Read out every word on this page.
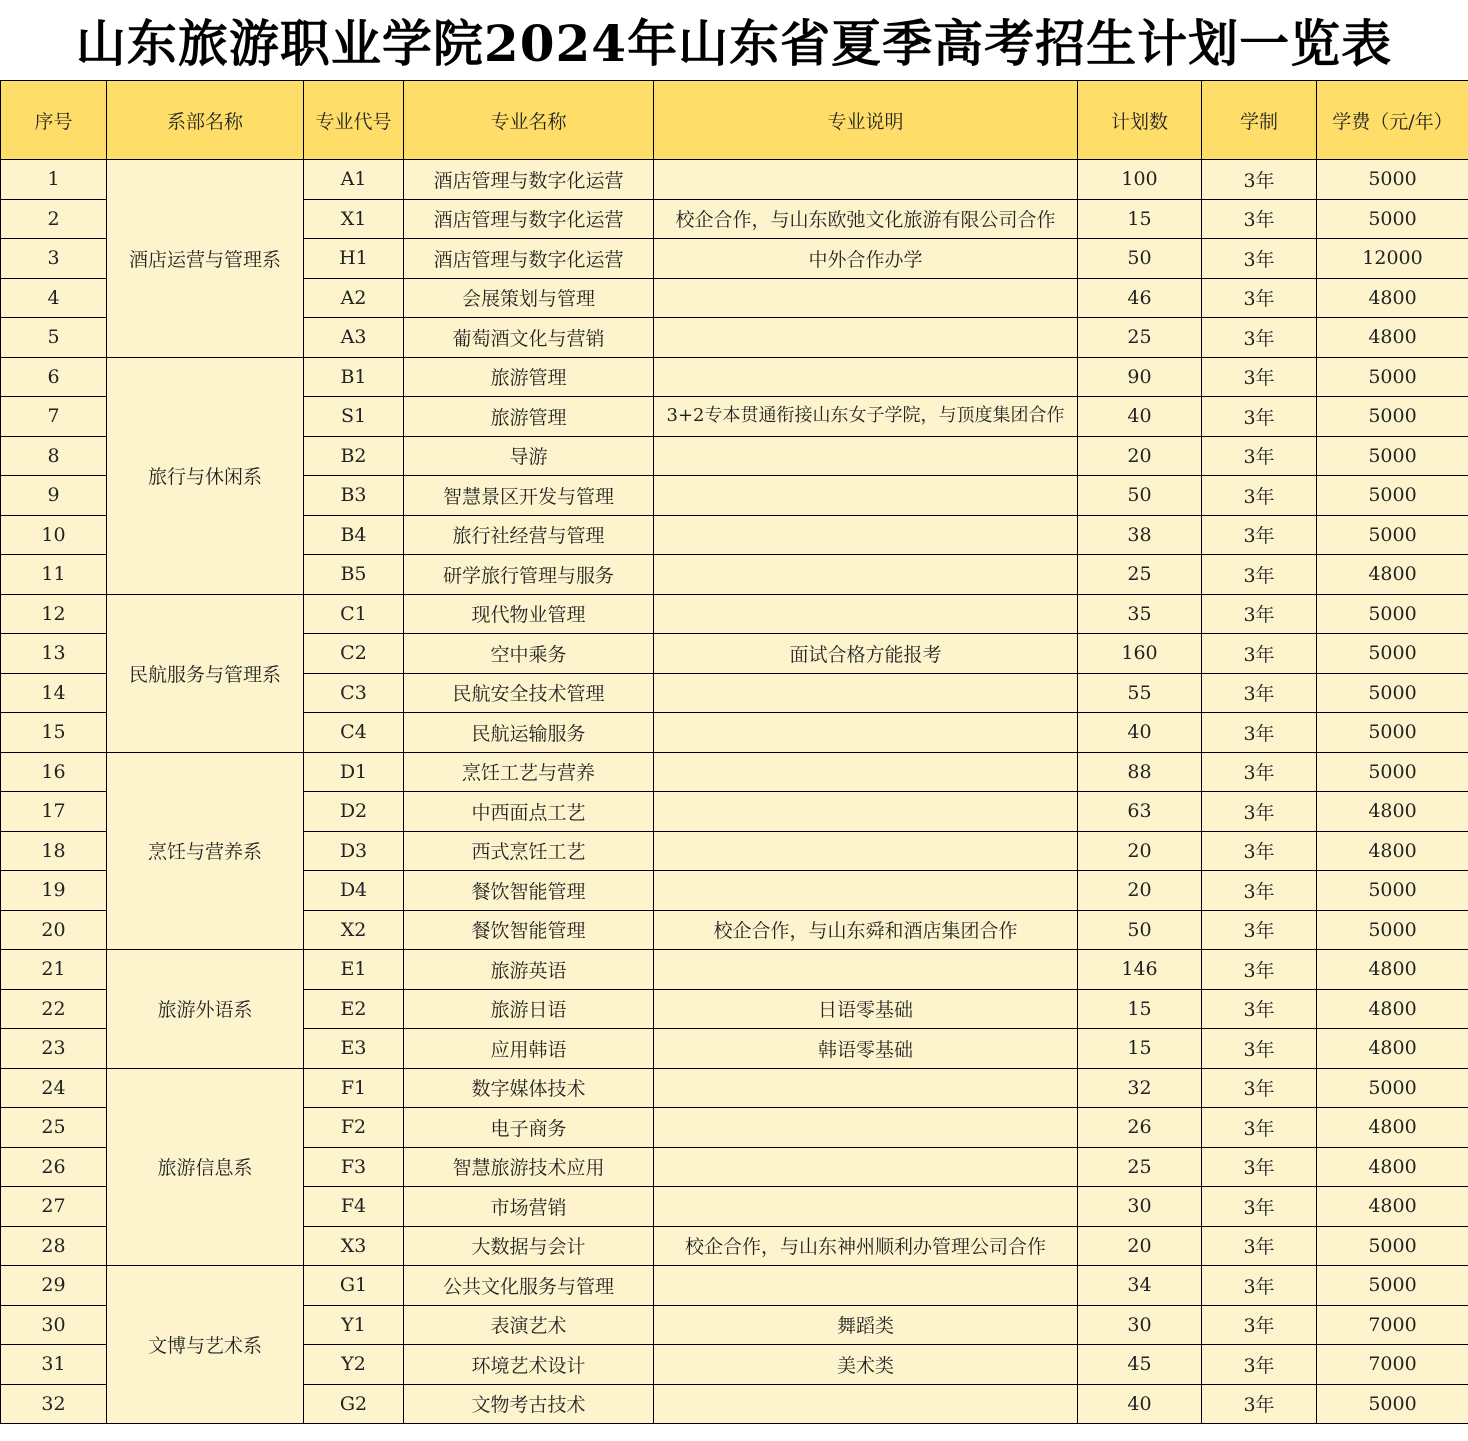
山东旅游职业学院2024年山东省夏季高考招生计划一览表
序号	系部名称	专业代号	专业名称	专业说明	计划数	学制	学费（元/年）
1	酒店运营与管理系	A1	酒店管理与数字化运营		100	3年	5000
2		X1	酒店管理与数字化运营	校企合作，与山东欧弛文化旅游有限公司合作	15	3年	5000
3		H1	酒店管理与数字化运营	中外合作办学	50	3年	12000
4		A2	会展策划与管理		46	3年	4800
5		A3	葡萄酒文化与营销		25	3年	4800
6	旅行与休闲系	B1	旅游管理		90	3年	5000
7		S1	旅游管理	3+2专本贯通衔接山东女子学院，与顶度集团合作	40	3年	5000
8		B2	导游		20	3年	5000
9		B3	智慧景区开发与管理		50	3年	5000
10		B4	旅行社经营与管理		38	3年	5000
11		B5	研学旅行管理与服务		25	3年	4800
12	民航服务与管理系	C1	现代物业管理		35	3年	5000
13		C2	空中乘务	面试合格方能报考	160	3年	5000
14		C3	民航安全技术管理		55	3年	5000
15		C4	民航运输服务		40	3年	5000
16	烹饪与营养系	D1	烹饪工艺与营养		88	3年	5000
17		D2	中西面点工艺		63	3年	4800
18		D3	西式烹饪工艺		20	3年	4800
19		D4	餐饮智能管理		20	3年	5000
20		X2	餐饮智能管理	校企合作，与山东舜和酒店集团合作	50	3年	5000
21	旅游外语系	E1	旅游英语		146	3年	4800
22		E2	旅游日语	日语零基础	15	3年	4800
23		E3	应用韩语	韩语零基础	15	3年	4800
24	旅游信息系	F1	数字媒体技术		32	3年	5000
25		F2	电子商务		26	3年	4800
26		F3	智慧旅游技术应用		25	3年	4800
27		F4	市场营销		30	3年	4800
28		X3	大数据与会计	校企合作，与山东神州顺利办管理公司合作	20	3年	5000
29	文博与艺术系	G1	公共文化服务与管理		34	3年	5000
30		Y1	表演艺术	舞蹈类	30	3年	7000
31		Y2	环境艺术设计	美术类	45	3年	7000
32		G2	文物考古技术		40	3年	5000
